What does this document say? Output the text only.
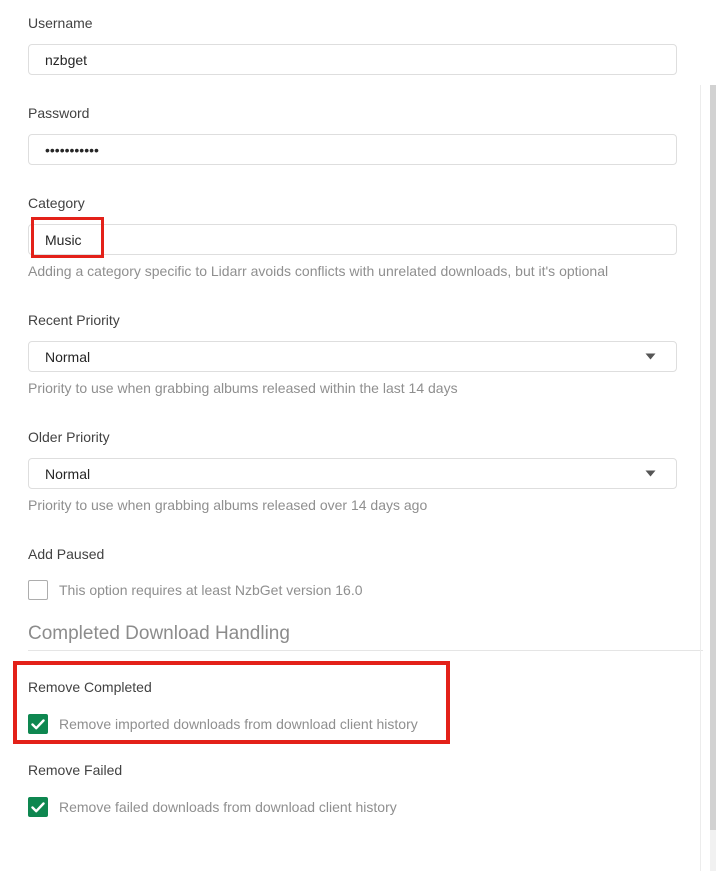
Username
nzbget
Password
•••••••••••
Category
Music
Adding a category specific to Lidarr avoids conflicts with unrelated downloads, but it's optional
Recent Priority
Normal
Priority to use when grabbing albums released within the last 14 days
Older Priority
Normal
Priority to use when grabbing albums released over 14 days ago
Add Paused
This option requires at least NzbGet version 16.0
Completed Download Handling
Remove Completed
Remove imported downloads from download client history
Remove Failed
Remove failed downloads from download client history
